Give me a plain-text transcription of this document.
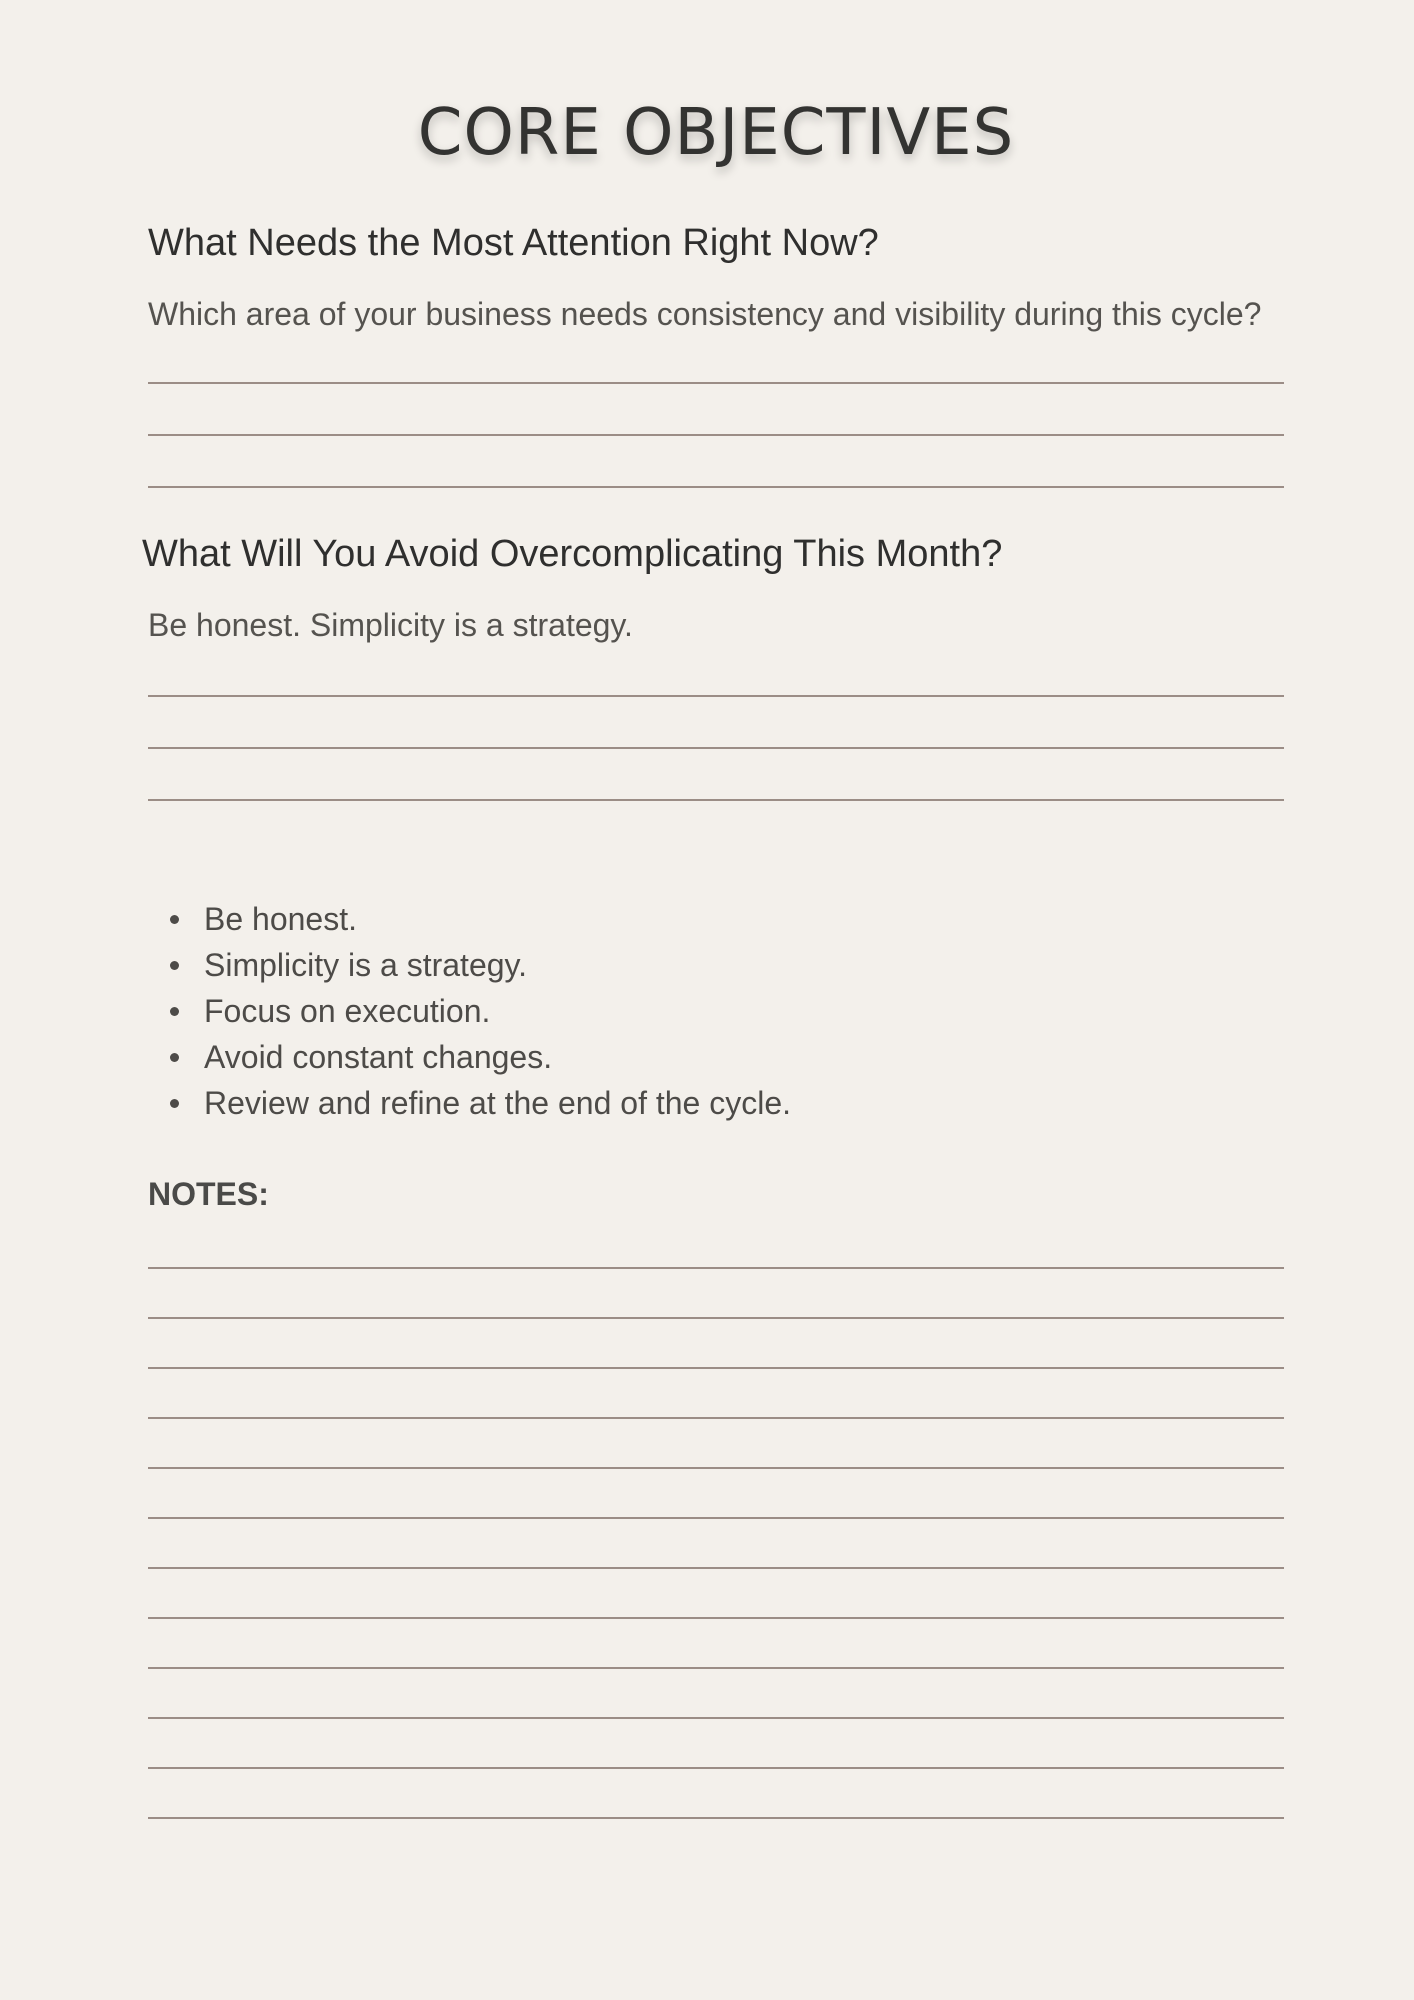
CORE OBJECTIVES
What Needs the Most Attention Right Now?

Which area of your business needs consistency and visibility during this cycle?

What Will You Avoid Overcomplicating This Month?

Be honest. Simplicity is a strategy.

Be honest.
Simplicity is a strategy.
Focus on execution.
Avoid constant changes.
Review and refine at the end of the cycle.

NOTES:
